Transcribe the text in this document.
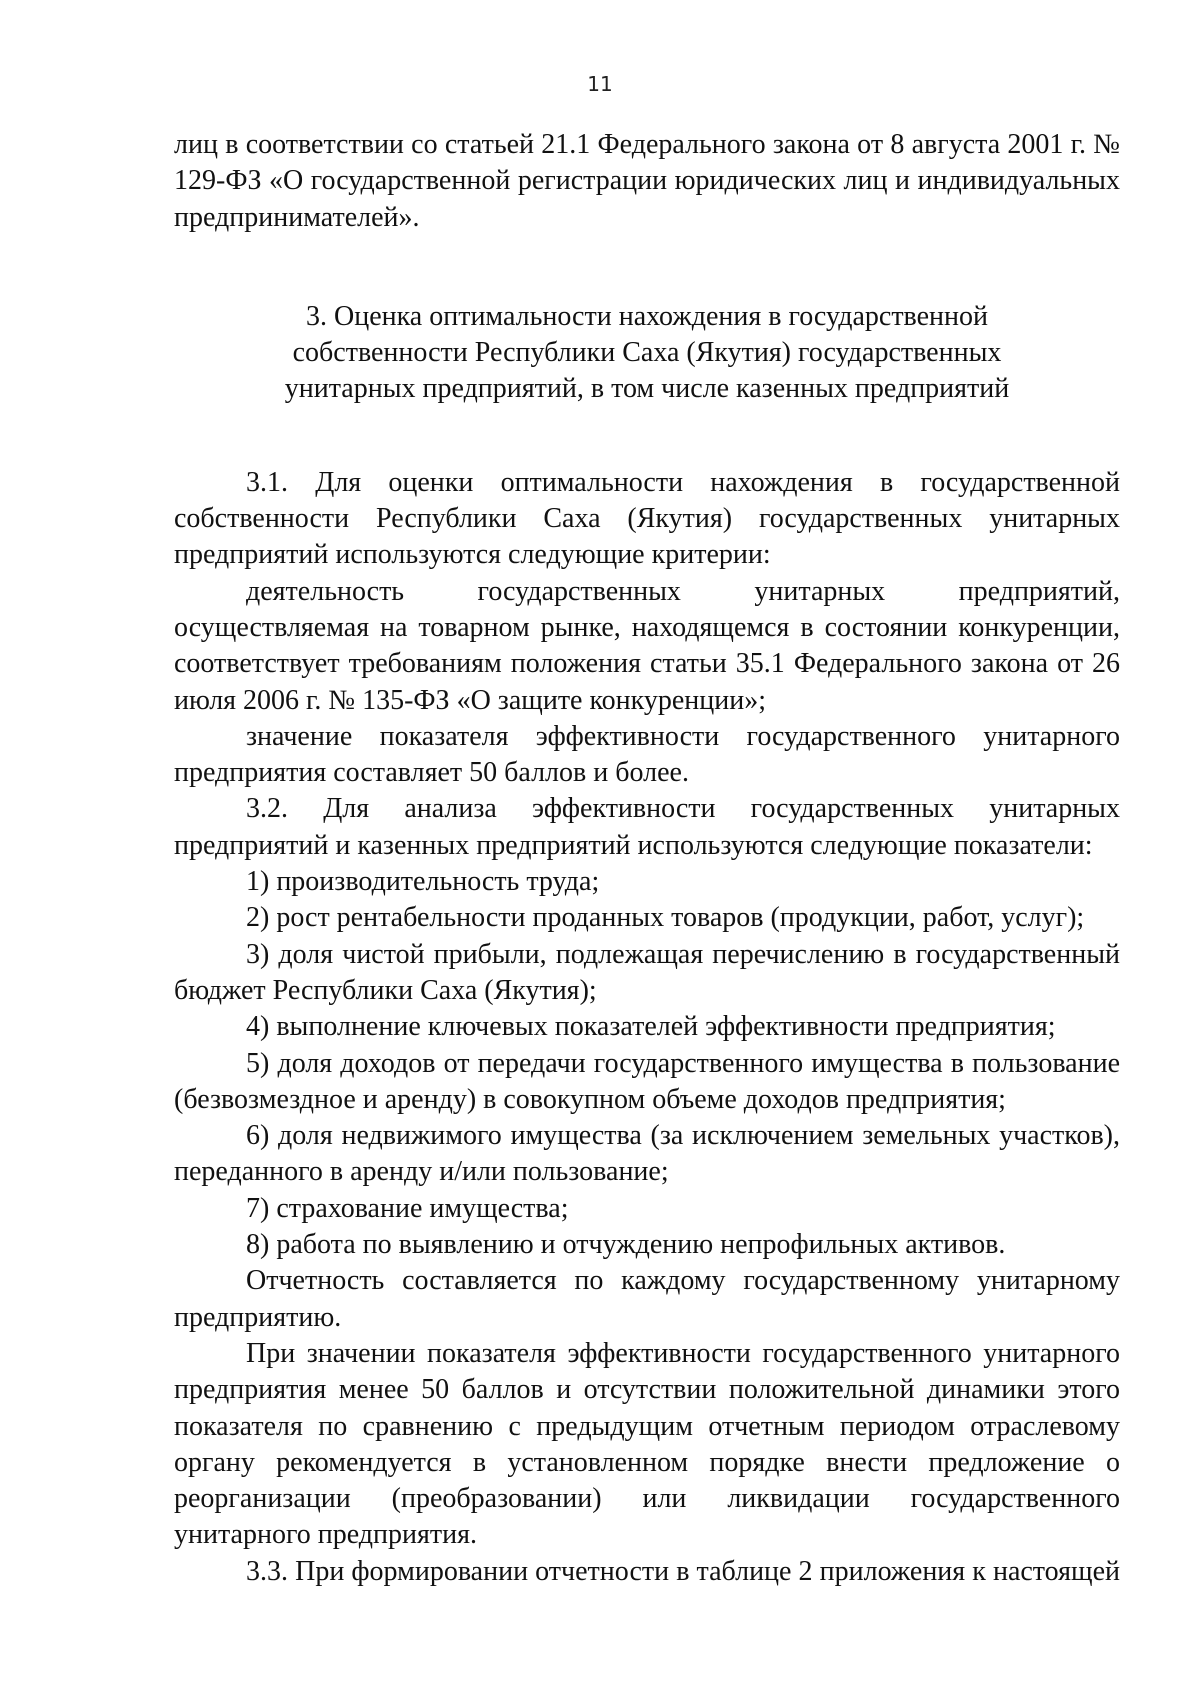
11

лиц в соответствии со статьей 21.1 Федерального закона от 8 августа 2001 г. № 129-ФЗ «О государственной регистрации юридических лиц и индивидуальных предпринимателей».

3. Оценка оптимальности нахождения в государственной
собственности Республики Саха (Якутия) государственных
унитарных предприятий, в том числе казенных предприятий

3.1. Для оценки оптимальности нахождения в государственной собственности Республики Саха (Якутия) государственных унитарных предприятий используются следующие критерии:

деятельность государственных унитарных предприятий, осуществляемая на товарном рынке, находящемся в состоянии конкуренции, соответствует требованиям положения статьи 35.1 Федерального закона от 26 июля 2006 г. № 135-ФЗ «О защите конкуренции»;

значение показателя эффективности государственного унитарного предприятия составляет 50 баллов и более.

3.2. Для анализа эффективности государственных унитарных предприятий и казенных предприятий используются следующие показатели:

1) производительность труда;

2) рост рентабельности проданных товаров (продукции, работ, услуг);

3) доля чистой прибыли, подлежащая перечислению в государственный бюджет Республики Саха (Якутия);

4) выполнение ключевых показателей эффективности предприятия;

5) доля доходов от передачи государственного имущества в пользование (безвозмездное и аренду) в совокупном объеме доходов предприятия;

6) доля недвижимого имущества (за исключением земельных участков), переданного в аренду и/или пользование;

7) страхование имущества;

8) работа по выявлению и отчуждению непрофильных активов.

Отчетность составляется по каждому государственному унитарному предприятию.

При значении показателя эффективности государственного унитарного предприятия менее 50 баллов и отсутствии положительной динамики этого показателя по сравнению с предыдущим отчетным периодом отраслевому органу рекомендуется в установленном порядке внести предложение о реорганизации (преобразовании) или ликвидации государственного унитарного предприятия.

3.3. При формировании отчетности в таблице 2 приложения к настоящей
